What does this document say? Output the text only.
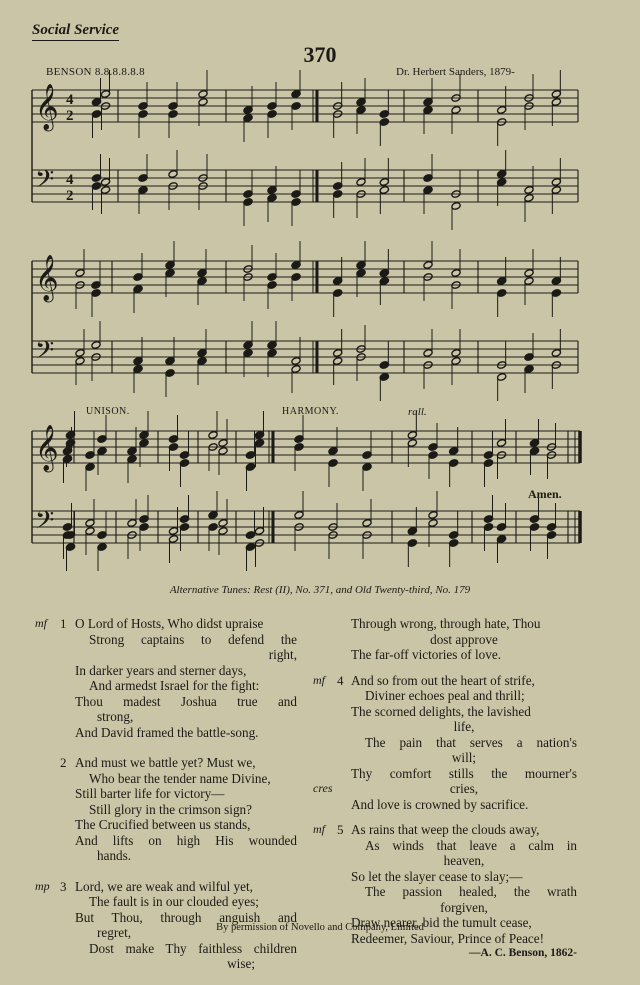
Social Service
370
BENSON 8.8.8.8.8.8	Dr. Herbert Sanders, 1879-
𝄞
𝄢
4
2
4
2
𝄞
𝄢
𝄞
𝄢
UNISON.	HARMONY.	rall.
Amen.
Alternative Tunes: Rest (II), No. 371, and Old Twenty-third, No. 179
mf 1 O Lord of Hosts, Who didst upraise
Strong captains to defend the
right,
In darker years and sterner days,
And armedst Israel for the fight:
Thou madest Joshua true and
strong,
And David framed the battle-song.
2 And must we battle yet? Must we,
Who bear the tender name Divine,
Still barter life for victory—
Still glory in the crimson sign?
The Crucified between us stands,
And lifts on high His wounded
hands.
mp 3 Lord, we are weak and wilful yet,
The fault is in our clouded eyes;
But Thou, through anguish and
regret,
Dost make Thy faithless children
wise;
Through wrong, through hate, Thou
dost approve
The far-off victories of love.
mf 4 And so from out the heart of strife,
Diviner echoes peal and thrill;
The scorned delights, the lavished
life,
The pain that serves a nation's
will;
cres
Thy comfort stills the mourner's
cries,
And love is crowned by sacrifice.
mf 5 As rains that weep the clouds away,
As winds that leave a calm in
heaven,
So let the slayer cease to slay;—
The passion healed, the wrath
forgiven,
Draw nearer, bid the tumult cease,
Redeemer, Saviour, Prince of Peace!
—A. C. Benson, 1862-
By permission of Novello and Company, Limited
